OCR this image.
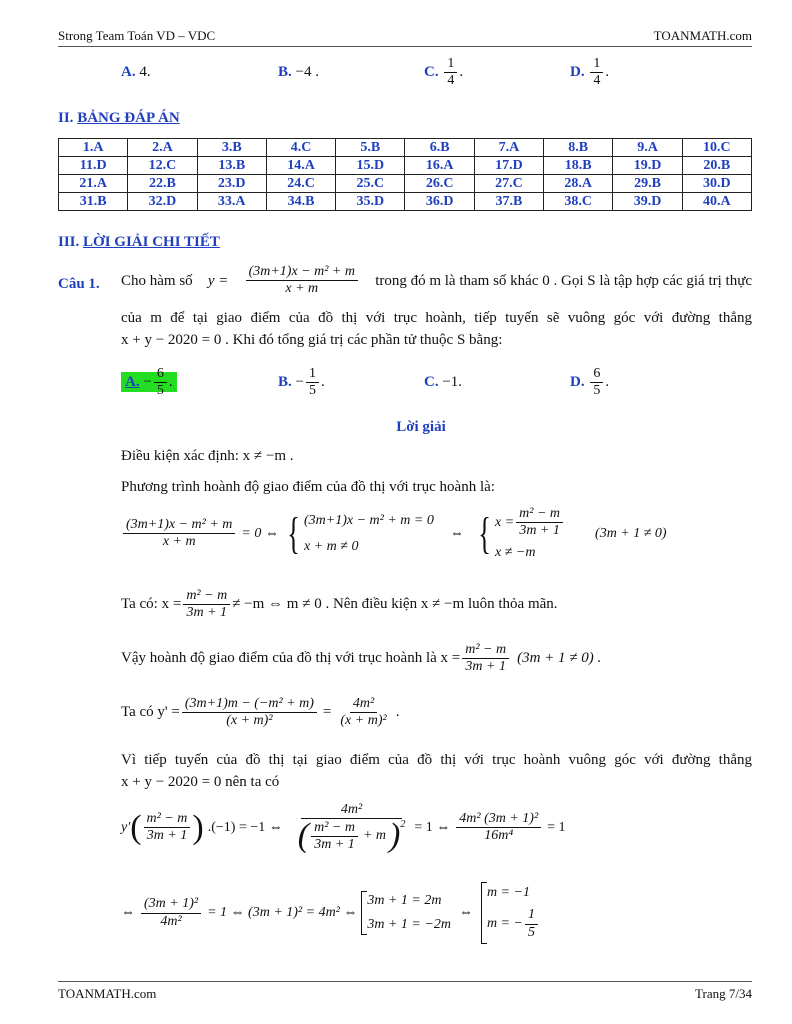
Strong Team Toán VD – VDC	TOANMATH.com
A. 4.	B. −4 .	C. $\frac{1}{4}$ .	D. $\frac{1}{4}$ .
II. BẢNG ĐÁP ÁN
1.A	2.A	3.B	4.C	5.B	6.B	7.A	8.B	9.A	10.C
11.D	12.C	13.B	14.A	15.D	16.A	17.D	18.B	19.D	20.B
21.A	22.B	23.D	24.C	25.C	26.C	27.C	28.A	29.B	30.D
31.B	32.D	33.A	34.B	35.D	36.D	37.B	38.C	39.D	40.A
III. LỜI GIẢI CHI TIẾT
Câu 1. Cho hàm số $y = \frac{\text{(3m+1)x − m² + m}}{x + m}$ trong đó m là tham số khác 0 . Gọi S là tập hợp các giá trị thực
của m để tại giao điểm của đồ thị với trục hoành, tiếp tuyến sẽ vuông góc với đường thẳng
x + y − 2020 = 0 . Khi đó tổng giá trị các phần tử thuộc S bằng:
A. − $\frac{6}{5}$ .	B. − $\frac{1}{5}$ .	C. −1.	D. $\frac{6}{5}$ .
Lời giải
Điều kiện xác định: x ≠ −m .
Phương trình hoành độ giao điểm của đồ thị với trục hoành là:
$\frac{\text{(3m+1)x − m² + m}}{x + m} = 0$ ⇔ { (3m+1)x − m² + m = 0
x + m ≠ 0
⇔ { $x = \frac{\text{m² − m}}{3m + 1}$
x ≠ −m
(3m + 1 ≠ 0)
Ta có: $x = \frac{\text{m² − m}}{3m + 1} \ne -m$ ⇔ m ≠ 0 . Nên điều kiện x ≠ −m luôn thỏa mãn.
Vậy hoành độ giao điểm của đồ thị với trục hoành là $x = \frac{\text{m² − m}}{3m + 1} (3m + 1 \ne 0)$ .
Ta có $y' = \frac{\text{(3m+1)m − (−m² + m)}}{\text{(x + m)²}} = \frac{\text{4m²}}{\text{(x + m)²}}$ .
Vì tiếp tuyến của đồ thị tại giao điểm của đồ thị với trục hoành vuông góc với đường thẳng
x + y − 2020 = 0 nên ta có
y' ( $\frac{\text{m² − m}}{3m + 1}$ ) .(−1) = −1 ⇔ $\frac{\text{4m²}}{( \frac{\text{m² − m}}{3m + 1} + m )^2} = 1$ ⇔ $\frac{\text{4m² (3m + 1)²}}{\text{16m⁴}} = 1$
⇔ $\frac{\text{(3m + 1)²}}{\text{4m²}} = 1$ ⇔ (3m + 1)² = 4m² ⇔
3m + 1 = 2m
3m + 1 = −2m
⇔
m = −1
m = − $\frac{1}{5}$
TOANMATH.com	Trang 7/34
